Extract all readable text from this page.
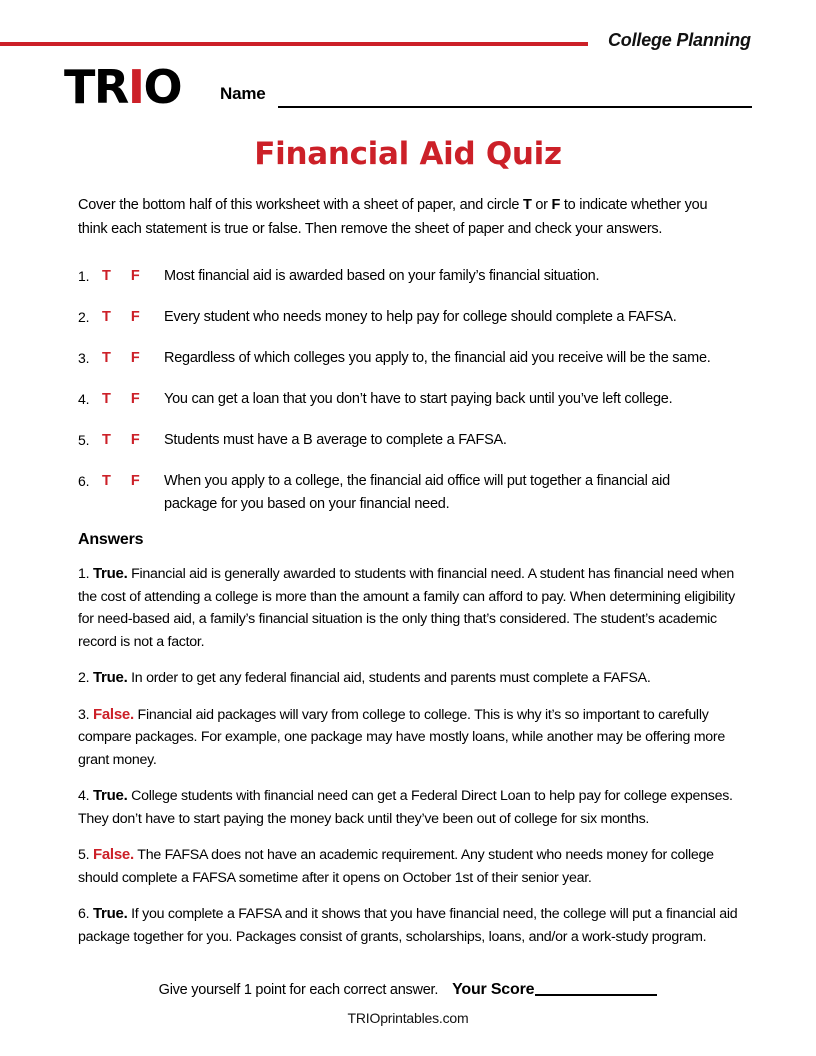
College Planning
TRIO Name
Financial Aid Quiz
Cover the bottom half of this worksheet with a sheet of paper, and circle T or F to indicate whether you think each statement is true or false. Then remove the sheet of paper and check your answers.
1. T F	Most financial aid is awarded based on your family’s financial situation.
2. T F	Every student who needs money to help pay for college should complete a FAFSA.
3. T F	Regardless of which colleges you apply to, the financial aid you receive will be the same.
4. T F	You can get a loan that you don’t have to start paying back until you’ve left college.
5. T F	Students must have a B average to complete a FAFSA.
6. T F	When you apply to a college, the financial aid office will put together a financial aid package for you based on your financial need.
Answers
1. True. Financial aid is generally awarded to students with financial need. A student has financial need when the cost of attending a college is more than the amount a family can afford to pay. When determining eligibility for need-based aid, a family’s financial situation is the only thing that’s considered. The student’s academic record is not a factor.
2. True. In order to get any federal financial aid, students and parents must complete a FAFSA.
3. False. Financial aid packages will vary from college to college. This is why it’s so important to carefully compare packages. For example, one package may have mostly loans, while another may be offering more grant money.
4. True. College students with financial need can get a Federal Direct Loan to help pay for college expenses. They don’t have to start paying the money back until they’ve been out of college for six months.
5. False. The FAFSA does not have an academic requirement. Any student who needs money for college should complete a FAFSA sometime after it opens on October 1st of their senior year.
6. True. If you complete a FAFSA and it shows that you have financial need, the college will put a financial aid package together for you. Packages consist of grants, scholarships, loans, and/or a work-study program.
Give yourself 1 point for each correct answer. Your Score
TRIOprintables.com
